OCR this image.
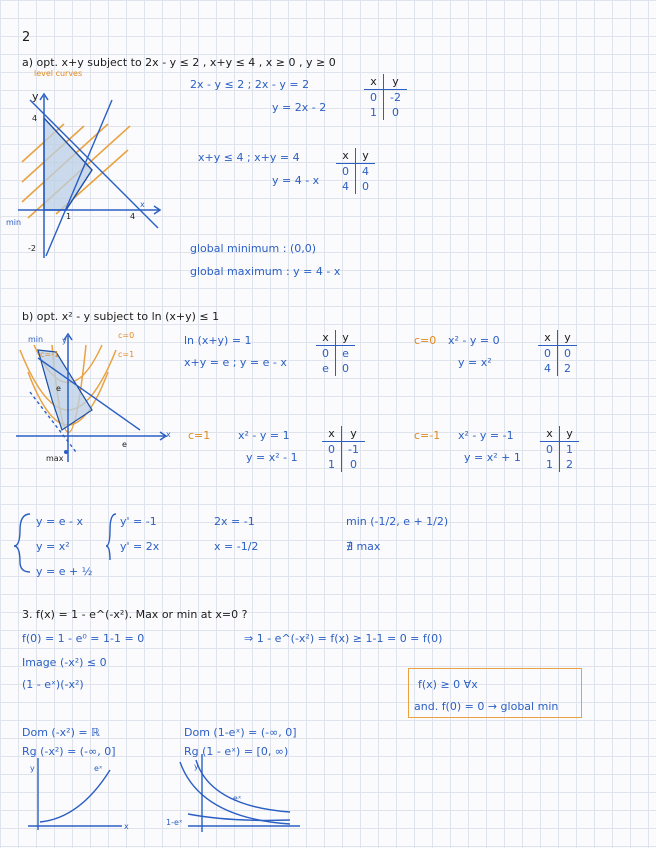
2
a) opt. x+y subject to 2x - y ≤ 2 , x+y ≤ 4 , x ≥ 0 , y ≥ 0
level curves
2x - y ≤ 2 ; 2x - y = 2
y = 2x - 2
x	y
0	-2
1	0
x+y ≤ 4 ; x+y = 4
y = 4 - x
x	y
0	4
4	0
global minimum : (0,0)
global maximum : y = 4 - x
y
4
1	4
x
min
-2
b) opt. x² - y subject to ln (x+y) ≤ 1
ln (x+y) = 1
x+y = e ; y = e - x
x	y
0	e
e	0
c=0 x² - y = 0
y = x²
x	y
0	0
4	2
c=1	x² - y = 1
y = x² - 1
x	y
0	-1
1	0
c=-1 x² - y = -1
y = x² + 1
x	y
0	1
1	2
min y
c=0
c=-1	c=1
e
max
e
x
y = e - x
y = x²
y = e + ½
y' = -1
y' = 2x
2x = -1
x = -1/2
min (-1/2, e + 1/2)
∄ max
3. f(x) = 1 - e^(-x²). Max or min at x=0 ?
f(0) = 1 - e⁰ = 1-1 = 0	⇒ 1 - e^(-x²) = f(x) ≥ 1-1 = 0 = f(0)
Image (-x²) ≤ 0
(1 - eˣ)(-x²)	f(x) ≥ 0 ∀x
and. f(0) = 0 → global min
Dom (-x²) = ℝ
Rg (-x²) = (-∞, 0]
Dom (1-eˣ) = (-∞, 0]
Rg (1 - eˣ) = [0, ∞)
y	eˣ
x
y
-eˣ
1-eˣ
